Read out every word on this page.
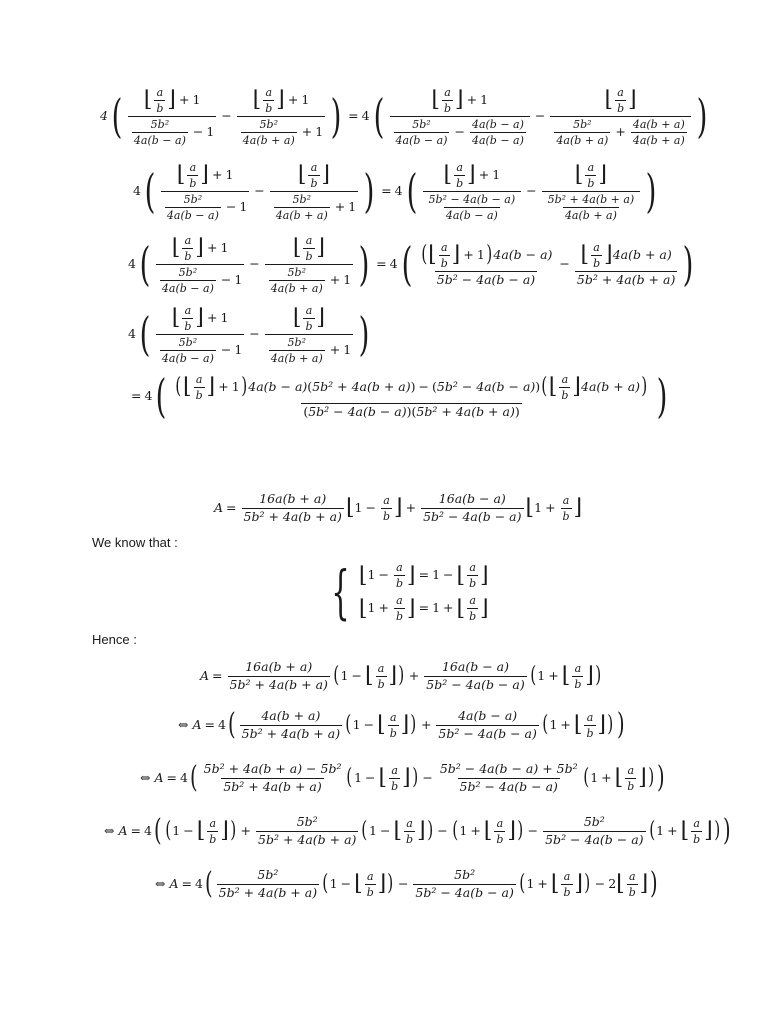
4 ( ⌊ $\frac{a}{b}$
⌋ + 1
$\frac{\text{5b²}}{4a(b - a)} - 1$ − ⌊ $\frac{a}{b}$
⌋ + 1
$\frac{\text{5b²}}{4a(b + a)} + 1$ ) = 4 ( ⌊ $\frac{a}{b}$
⌋ + 1
$\frac{\text{5b²}}{4a(b - a)} - \frac{4a(b - a)}{4a(b - a)}$ − ⌊ $\frac{a}{b}$
⌋
$\frac{\text{5b²}}{4a(b + a)} + \frac{4a(b + a)}{4a(b + a)}$ )
4 ( ⌊ $\frac{a}{b}$
⌋ + 1
$\frac{\text{5b²}}{4a(b - a)} - 1$ − ⌊ $\frac{a}{b}$
⌋
$\frac{\text{5b²}}{4a(b + a)} + 1$ ) = 4 ( ⌊ $\frac{a}{b}$
⌋ + 1
$\frac{\text{5b² − 4a(b − a)}}{4a(b - a)}$ − ⌊ $\frac{a}{b}$
⌋
$\frac{\text{5b² + 4a(b + a)}}{4a(b + a)}$ )
4 ( ⌊ $\frac{a}{b}$
⌋ + 1
$\frac{\text{5b²}}{4a(b - a)} - 1$ − ⌊ $\frac{a}{b}$
⌋
$\frac{\text{5b²}}{4a(b + a)} + 1$ ) = 4 ( ( ⌊ $\frac{a}{b}$
⌋ + 1 ) 4a(b − a)
5b² − 4a(b − a) − ⌊ $\frac{a}{b}$
⌋ 4a(b + a)
5b² + 4a(b + a) )
4 ( ⌊ $\frac{a}{b}$
⌋ + 1
$\frac{\text{5b²}}{4a(b - a)} - 1$ − ⌊ $\frac{a}{b}$
⌋
$\frac{\text{5b²}}{4a(b + a)} + 1$ )
= 4 ( ( ⌊ $\frac{a}{b}$
⌋ + 1 ) 4a(b − a) ( 5b² + 4a(b + a) ) − ( 5b² − 4a(b − a) ) ( ⌊ $\frac{a}{b}$
⌋ 4a(b + a) )
( 5b² − 4a(b − a) )( 5b² + 4a(b + a) )	)
$A = \frac{16a(b + a)}{\text{5b² + 4a(b + a)}}$ ⌊ $1 - \frac{a}{b}$
⌋ + $\frac{16a(b - a)}{\text{5b² − 4a(b − a)}}$ ⌊ $1 + \frac{a}{b}$
⌋
We know that :
{ ⌊ $1 - \frac{a}{b}$
⌋ = 1 − ⌊ $\frac{a}{b}$
⌋
⌊ $1 + \frac{a}{b}$
⌋ = 1 + ⌊ $\frac{a}{b}$
⌋
Hence :
$A = \frac{16a(b + a)}{\text{5b² + 4a(b + a)}}$ ( 1 − ⌊ $\frac{a}{b}$
⌋ ) + $\frac{16a(b - a)}{\text{5b² − 4a(b − a)}}$ ( 1 + ⌊ $\frac{a}{b}$
⌋ )
⇔
A = 4 ( $\frac{4a(b + a)}{\text{5b² + 4a(b + a)}}$ ( 1 − ⌊ $\frac{a}{b}$
⌋ ) + $\frac{4a(b - a)}{\text{5b² − 4a(b − a)}}$ ( 1 + ⌊ $\frac{a}{b}$
⌋ ) )
⇔
A = 4 ( $\frac{\text{5b² + 4a(b + a) − 5b²}}{\text{5b² + 4a(b + a)}}$ ( 1 − ⌊ $\frac{a}{b}$
⌋ ) − $\frac{\text{5b² − 4a(b − a) + 5b²}}{\text{5b² − 4a(b − a)}}$ ( 1 + ⌊ $\frac{a}{b}$
⌋ ) )
⇔
A = 4 ( ( 1 − ⌊ $\frac{a}{b}$
⌋ ) + $\frac{\text{5b²}}{\text{5b² + 4a(b + a)}}$ ( 1 − ⌊ $\frac{a}{b}$
⌋ ) − ( 1 + ⌊ $\frac{a}{b}$
⌋ ) − $\frac{\text{5b²}}{\text{5b² − 4a(b − a)}}$ ( 1 + ⌊ $\frac{a}{b}$
⌋ ) )
⇔
A = 4 ( $\frac{\text{5b²}}{\text{5b² + 4a(b + a)}}$ ( 1 − ⌊ $\frac{a}{b}$
⌋ ) − $\frac{\text{5b²}}{\text{5b² − 4a(b − a)}}$ ( 1 + ⌊ $\frac{a}{b}$
⌋ ) − 2 ⌊ $\frac{a}{b}$
⌋ )
